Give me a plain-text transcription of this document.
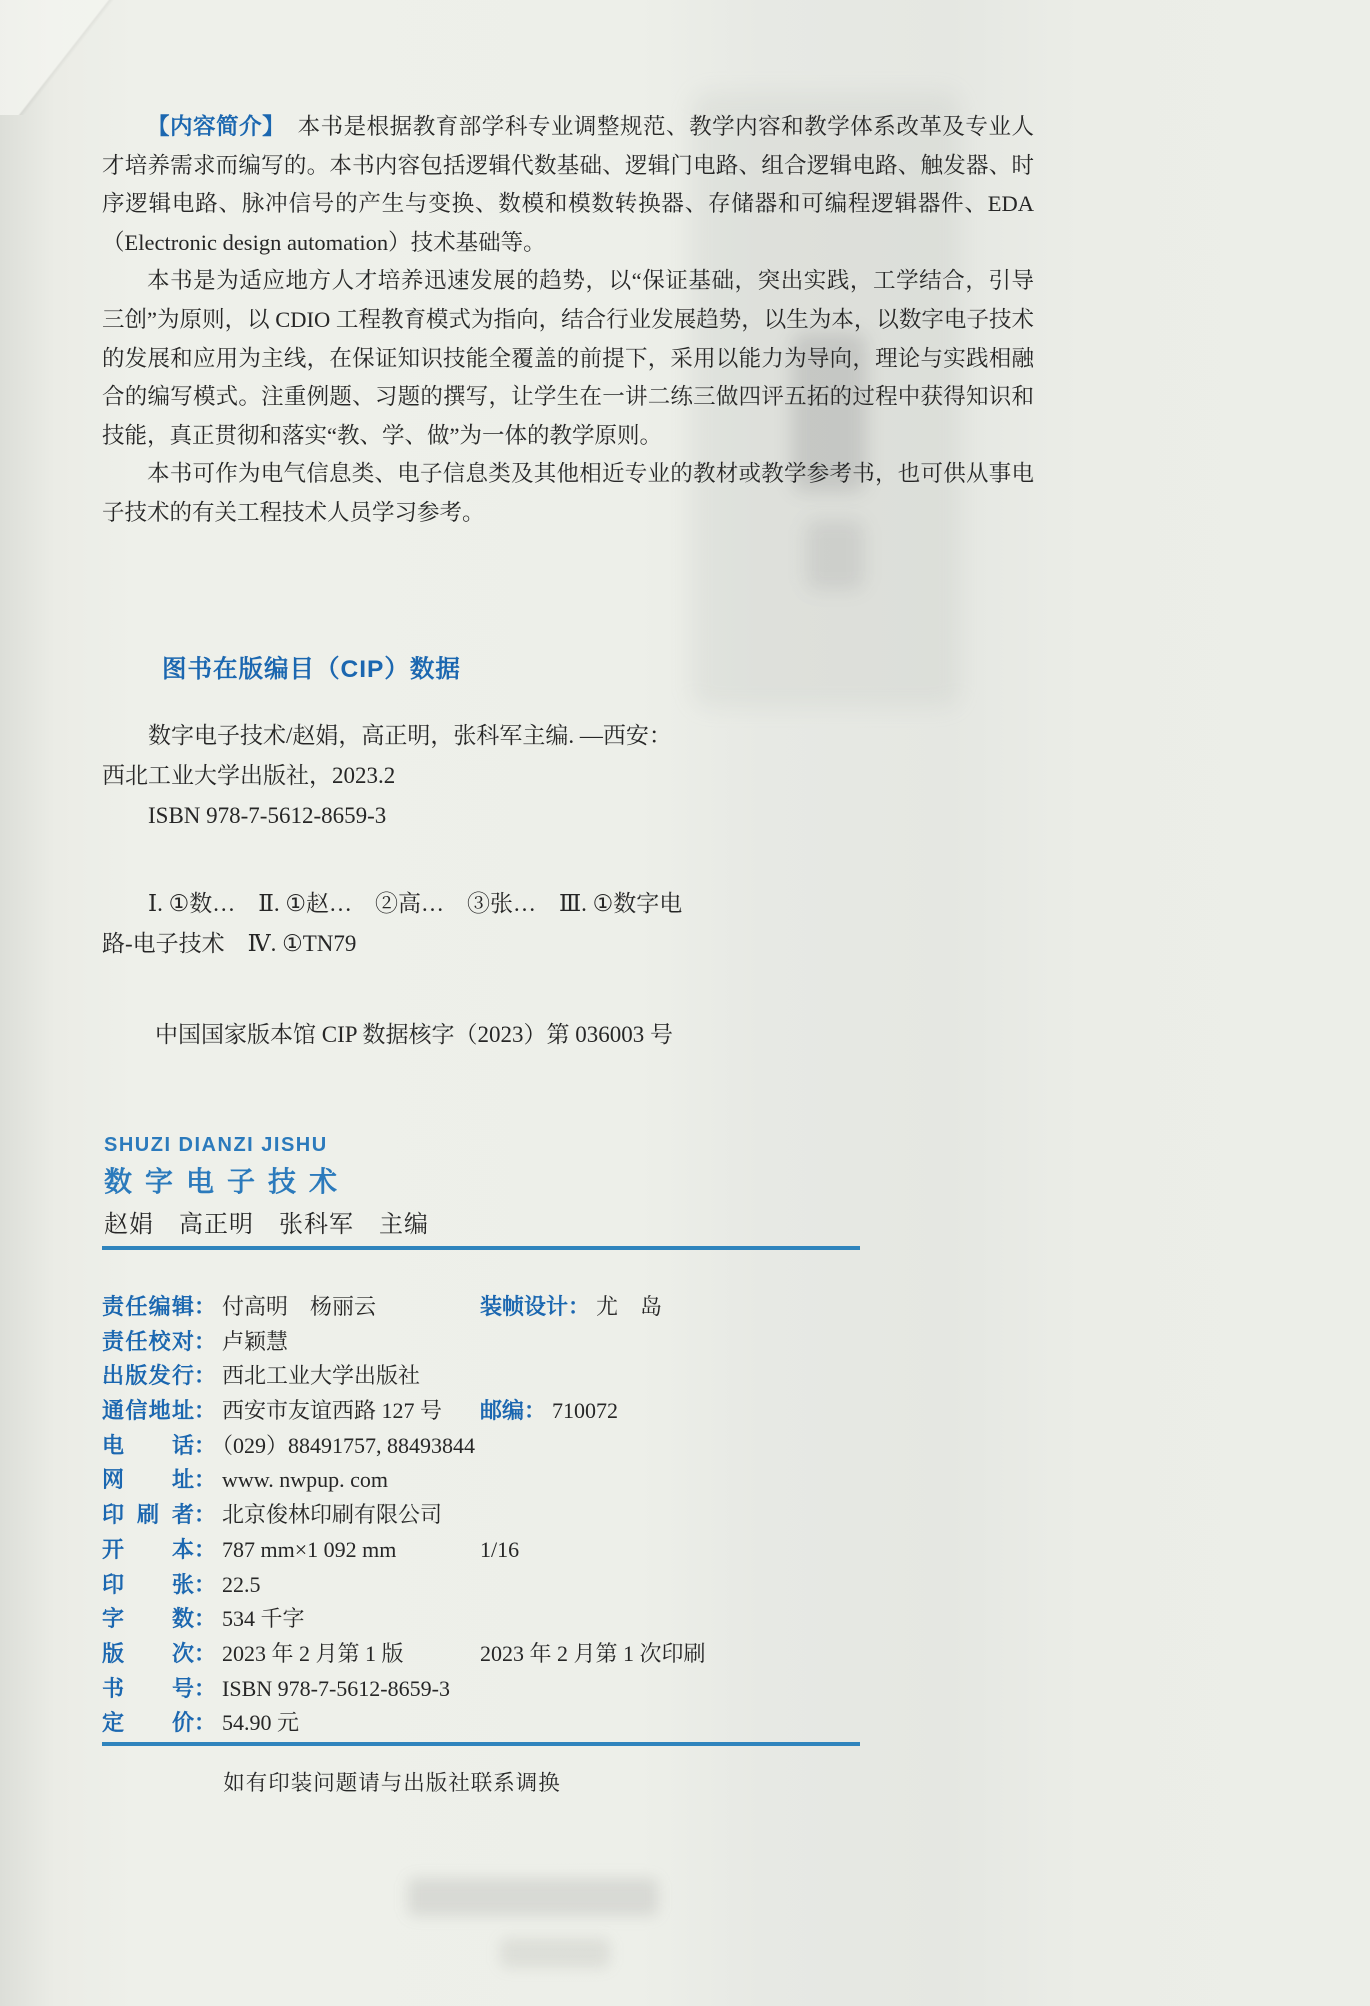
【内容简介】 本书是根据教育部学科专业调整规范、教学内容和教学体系改革及专业人才培养需求而编写的。本书内容包括逻辑代数基础、逻辑门电路、组合逻辑电路、触发器、时序逻辑电路、脉冲信号的产生与变换、数模和模数转换器、存储器和可编程逻辑器件、EDA（Electronic design automation）技术基础等。

本书是为适应地方人才培养迅速发展的趋势，以“保证基础，突出实践，工学结合，引导三创”为原则，以 CDIO 工程教育模式为指向，结合行业发展趋势，以生为本，以数字电子技术的发展和应用为主线，在保证知识技能全覆盖的前提下，采用以能力为导向，理论与实践相融合的编写模式。注重例题、习题的撰写，让学生在一讲二练三做四评五拓的过程中获得知识和技能，真正贯彻和落实“教、学、做”为一体的教学原则。

本书可作为电气信息类、电子信息类及其他相近专业的教材或教学参考书，也可供从事电子技术的有关工程技术人员学习参考。

图书在版编目（CIP）数据
数字电子技术/赵娟，高正明，张科军主编. —西安：
西北工业大学出版社，2023.2
ISBN 978-7-5612-8659-3
Ⅰ. ①数…　Ⅱ. ①赵…　②高…　③张…　Ⅲ. ①数字电
路-电子技术　Ⅳ. ①TN79
中国国家版本馆 CIP 数据核字（2023）第 036003 号
SHUZI DIANZI JISHU
数字电子技术
赵娟　高正明　张科军　主编
责任编辑： 付高明　杨丽云	装帧设计： 尤　岛
责任校对： 卢颖慧
出版发行： 西北工业大学出版社
通信地址： 西安市友谊西路 127 号 邮编： 710072
电话： （029）88491757, 88493844
网址： www. nwpup. com
印刷者： 北京俊林印刷有限公司
开本： 787 mm×1 092 mm	1/16
印张： 22.5
字数： 534 千字
版次： 2023 年 2 月第 1 版	2023 年 2 月第 1 次印刷
书号： ISBN 978-7-5612-8659-3
定价： 54.90 元
如有印装问题请与出版社联系调换
